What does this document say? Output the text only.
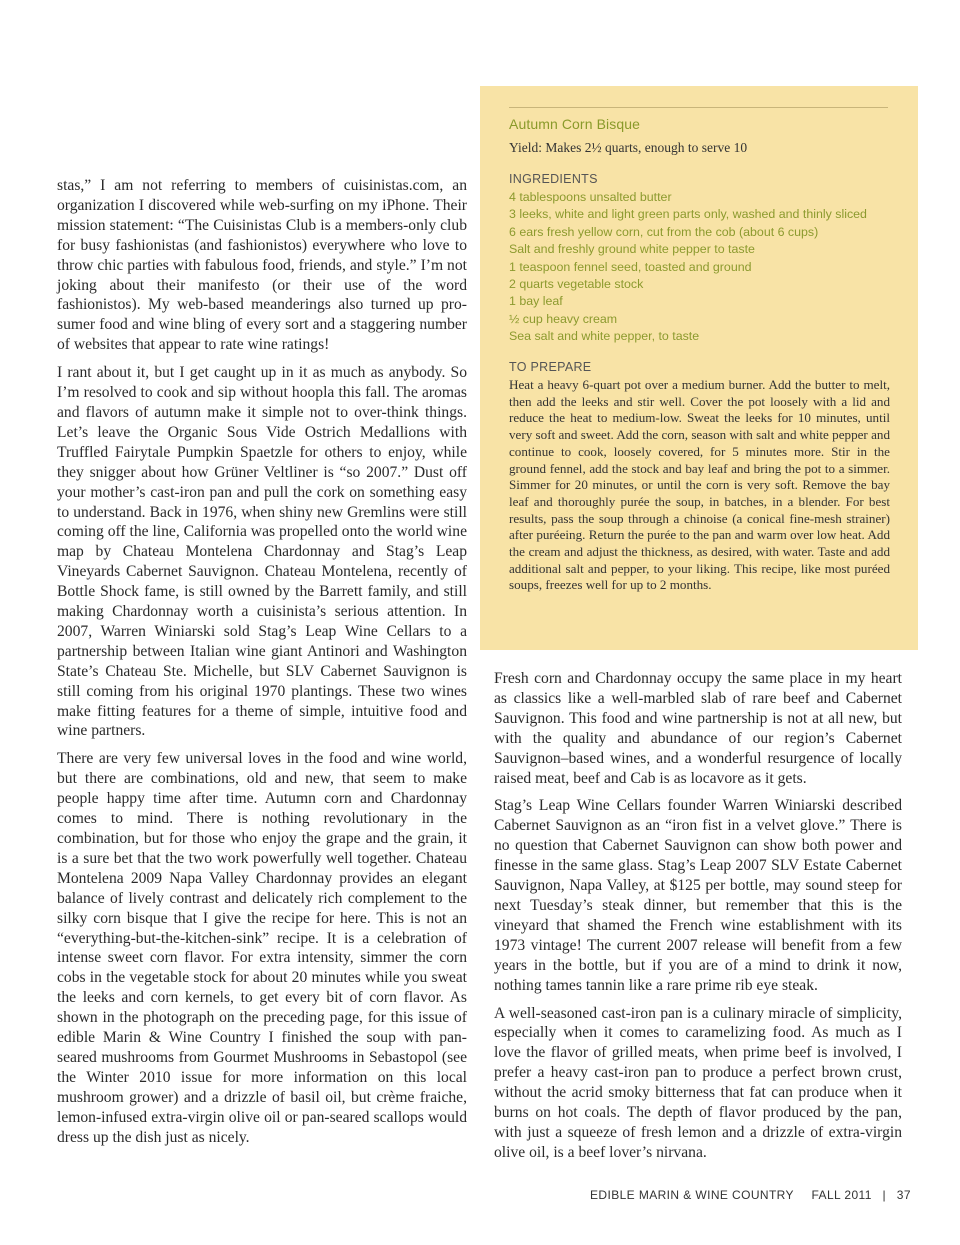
stas,” I am not referring to members of cuisinistas.com, an organization I discovered while web-surfing on my iPhone. Their mission statement: “The Cuisinistas Club is a members-only club for busy fashionistas (and fashionistos) everywhere who love to throw chic parties with fabulous food, friends, and style.” I’m not joking about their manifesto (or their use of the word fashionistos). My web-based meanderings also turned up pro-sumer food and wine bling of every sort and a staggering number of websites that appear to rate wine ratings!

I rant about it, but I get caught up in it as much as anybody. So I’m resolved to cook and sip without hoopla this fall. The aromas and flavors of autumn make it simple not to over-think things. Let’s leave the Organic Sous Vide Ostrich Medallions with Truffled Fairytale Pumpkin Spaetzle for others to enjoy, while they snigger about how Grüner Veltliner is “so 2007.” Dust off your mother’s cast-iron pan and pull the cork on something easy to understand. Back in 1976, when shiny new Gremlins were still coming off the line, California was propelled onto the world wine map by Chateau Montelena Chardonnay and Stag’s Leap Vineyards Cabernet Sauvignon. Chateau Montelena, recently of Bottle Shock fame, is still owned by the Barrett family, and still making Chardonnay worth a cuisinista’s serious attention. In 2007, Warren Winiarski sold Stag’s Leap Wine Cellars to a partnership between Italian wine giant Antinori and Washington State’s Chateau Ste. Michelle, but SLV Cabernet Sauvignon is still coming from his original 1970 plantings. These two wines make fitting features for a theme of simple, intuitive food and wine partners.

There are very few universal loves in the food and wine world, but there are combinations, old and new, that seem to make people happy time after time. Autumn corn and Chardonnay comes to mind. There is nothing revolutionary in the combination, but for those who enjoy the grape and the grain, it is a sure bet that the two work powerfully well together. Chateau Montelena 2009 Napa Valley Chardonnay provides an elegant balance of lively contrast and delicately rich complement to the silky corn bisque that I give the recipe for here. This is not an “everything-but-the-kitchen-sink” recipe. It is a celebration of intense sweet corn flavor. For extra intensity, simmer the corn cobs in the vegetable stock for about 20 minutes while you sweat the leeks and corn kernels, to get every bit of corn flavor. As shown in the photograph on the preceding page, for this issue of edible Marin & Wine Country I finished the soup with pan-seared mushrooms from Gourmet Mushrooms in Sebastopol (see the Winter 2010 issue for more information on this local mushroom grower) and a drizzle of basil oil, but crème fraiche, lemon-infused extra-virgin olive oil or pan-seared scallops would dress up the dish just as nicely.

Autumn Corn Bisque
Yield: Makes 2½ quarts, enough to serve 10
INGREDIENTS
4 tablespoons unsalted butter
3 leeks, white and light green parts only, washed and thinly sliced
6 ears fresh yellow corn, cut from the cob (about 6 cups)
Salt and freshly ground white pepper to taste
1 teaspoon fennel seed, toasted and ground
2 quarts vegetable stock
1 bay leaf
½ cup heavy cream
Sea salt and white pepper, to taste
TO PREPARE
Heat a heavy 6-quart pot over a medium burner. Add the butter to melt, then add the leeks and stir well. Cover the pot loosely with a lid and reduce the heat to medium-low. Sweat the leeks for 10 minutes, until very soft and sweet. Add the corn, season with salt and white pepper and continue to cook, loosely covered, for 5 minutes more. Stir in the ground fennel, add the stock and bay leaf and bring the pot to a simmer. Simmer for 20 minutes, or until the corn is very soft. Remove the bay leaf and thoroughly purée the soup, in batches, in a blender. For best results, pass the soup through a chinoise (a conical fine-mesh strainer) after puréeing. Return the purée to the pan and warm over low heat. Add the cream and adjust the thickness, as desired, with water. Taste and add additional salt and pepper, to your liking. This recipe, like most puréed soups, freezes well for up to 2 months.

Fresh corn and Chardonnay occupy the same place in my heart as classics like a well-marbled slab of rare beef and Cabernet Sauvignon. This food and wine partnership is not at all new, but with the quality and abundance of our region’s Cabernet Sauvignon–based wines, and a wonderful resurgence of locally raised meat, beef and Cab is as locavore as it gets.

Stag’s Leap Wine Cellars founder Warren Winiarski described Cabernet Sauvignon as an “iron fist in a velvet glove.” There is no question that Cabernet Sauvignon can show both power and finesse in the same glass. Stag’s Leap 2007 SLV Estate Cabernet Sauvignon, Napa Valley, at $125 per bottle, may sound steep for next Tuesday’s steak dinner, but remember that this is the vineyard that shamed the French wine establishment with its 1973 vintage! The current 2007 release will benefit from a few years in the bottle, but if you are of a mind to drink it now, nothing tames tannin like a rare prime rib eye steak.

A well-seasoned cast-iron pan is a culinary miracle of simplicity, especially when it comes to caramelizing food. As much as I love the flavor of grilled meats, when prime beef is involved, I prefer a heavy cast-iron pan to produce a perfect brown crust, without the acrid smoky bitterness that fat can produce when it burns on hot coals. The depth of flavor produced by the pan, with just a squeeze of fresh lemon and a drizzle of extra-virgin olive oil, is a beef lover’s nirvana.

EDIBLE MARIN & WINE COUNTRY FALL 2011 | 37
